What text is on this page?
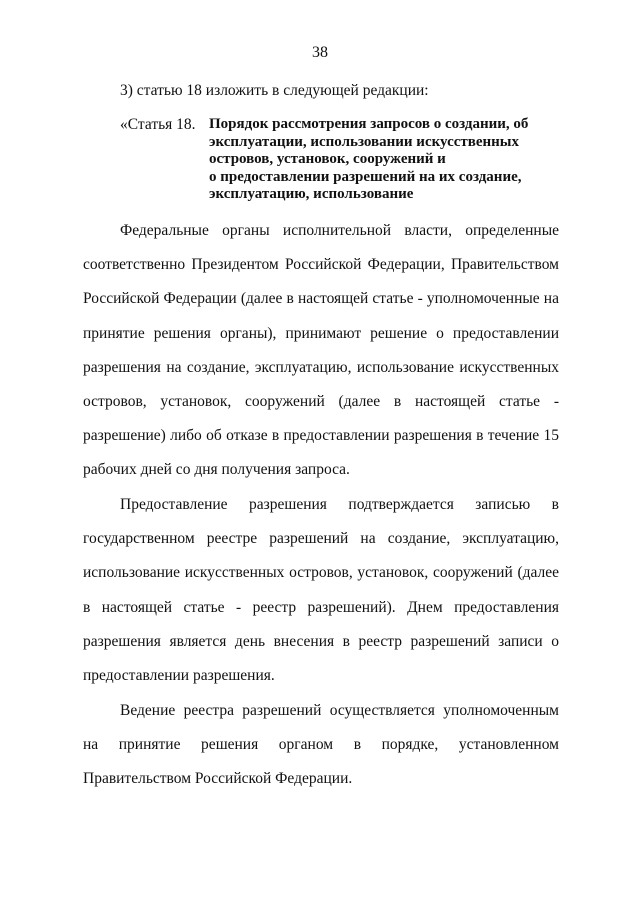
38
3) статью 18 изложить в следующей редакции:
«Статья 18. Порядок рассмотрения запросов о создании, об
эксплуатации, использовании искусственных
островов, установок, сооружений и
о предоставлении разрешений на их создание,
эксплуатацию, использование

Федеральные органы исполнительной власти, определенные соответственно Президентом Российской Федерации, Правительством Российской Федерации (далее в настоящей статье - уполномоченные на принятие решения органы), принимают решение о предоставлении разрешения на создание, эксплуатацию, использование искусственных островов, установок, сооружений (далее в настоящей статье - разрешение) либо об отказе в предоставлении разрешения в течение 15 рабочих дней со дня получения запроса.

Предоставление разрешения подтверждается записью в государственном реестре разрешений на создание, эксплуатацию, использование искусственных островов, установок, сооружений (далее в настоящей статье - реестр разрешений). Днем предоставления разрешения является день внесения в реестр разрешений записи о предоставлении разрешения.

Ведение реестра разрешений осуществляется уполномоченным на принятие решения органом в порядке, установленном Правительством Российской Федерации.
